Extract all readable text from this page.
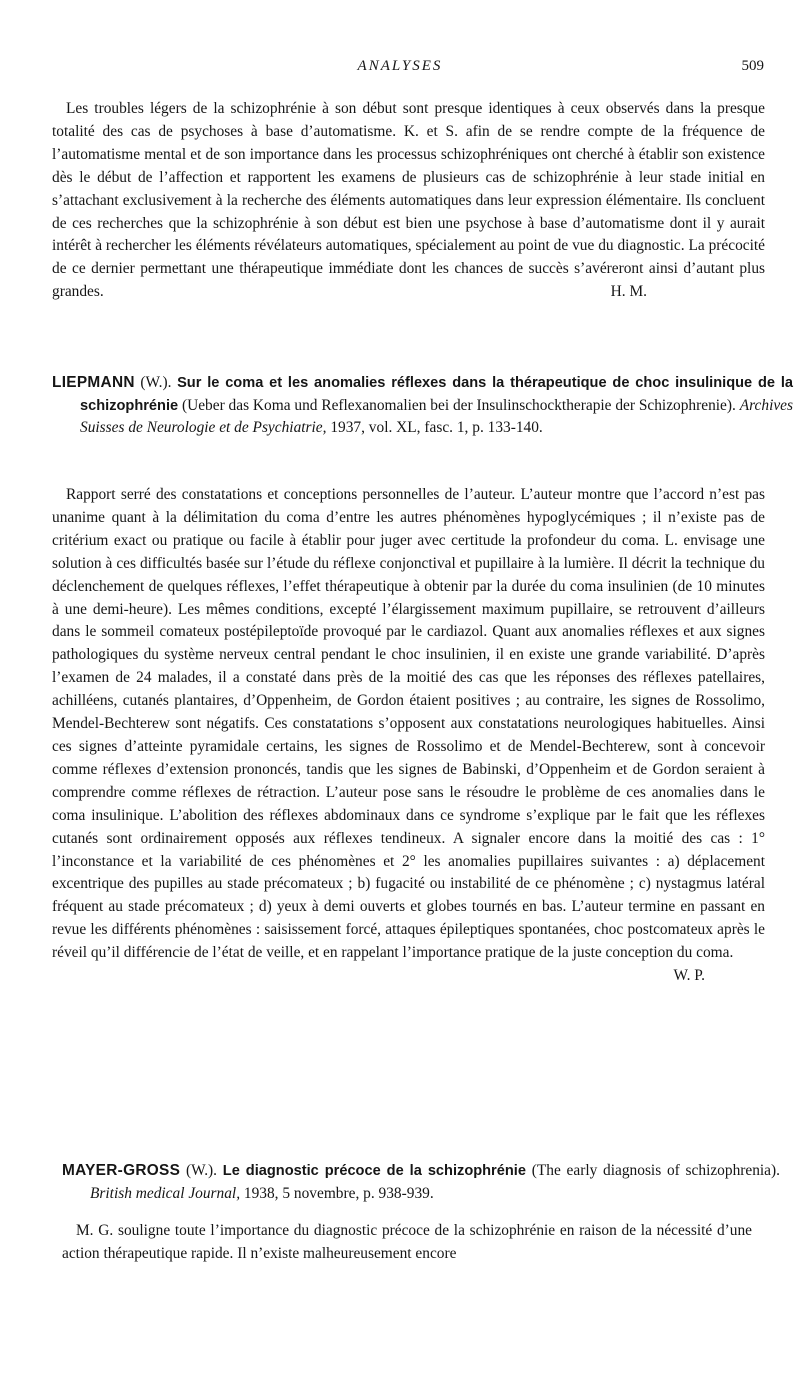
ANALYSES	509

Les troubles légers de la schizophrénie à son début sont presque identiques à ceux observés dans la presque totalité des cas de psychoses à base d’automatisme. K. et S. afin de se rendre compte de la fréquence de l’automatisme mental et de son importance dans les processus schizophréniques ont cherché à établir son existence dès le début de l’affection et rapportent les examens de plusieurs cas de schizophrénie à leur stade initial en s’attachant exclusivement à la recherche des éléments automatiques dans leur expression élémentaire. Ils concluent de ces recherches que la schizophrénie à son début est bien une psychose à base d’automatisme dont il y aurait intérêt à rechercher les éléments révélateurs automatiques, spécialement au point de vue du diagnostic. La précocité de ce dernier permettant une thérapeutique immédiate dont les chances de succès s’avéreront ainsi d’autant plus grandes.	H. M.

LIEPMANN (W.). Sur le coma et les anomalies réflexes dans la thérapeutique de choc insulinique de la schizophrénie (Ueber das Koma und Reflexanomalien bei der Insulinschocktherapie der Schizophrenie). Archives Suisses de Neurologie et de Psychiatrie, 1937, vol. XL, fasc. 1, p. 133-140.

Rapport serré des constatations et conceptions personnelles de l’auteur. L’auteur montre que l’accord n’est pas unanime quant à la délimitation du coma d’entre les autres phénomènes hypoglycémiques ; il n’existe pas de critérium exact ou pratique ou facile à établir pour juger avec certitude la profondeur du coma. L. envisage une solution à ces difficultés basée sur l’étude du réflexe conjonctival et pupillaire à la lumière. Il décrit la technique du déclenchement de quelques réflexes, l’effet thérapeutique à obtenir par la durée du coma insulinien (de 10 minutes à une demi-heure). Les mêmes conditions, excepté l’élargissement maximum pupillaire, se retrouvent d’ailleurs dans le sommeil comateux postépileptoïde provoqué par le cardiazol. Quant aux anomalies réflexes et aux signes pathologiques du système nerveux central pendant le choc insulinien, il en existe une grande variabilité. D’après l’examen de 24 malades, il a constaté dans près de la moitié des cas que les réponses des réflexes patellaires, achilléens, cutanés plantaires, d’Oppenheim, de Gordon étaient positives ; au contraire, les signes de Rossolimo, Mendel-Bechterew sont négatifs. Ces constatations s’opposent aux constatations neurologiques habituelles. Ainsi ces signes d’atteinte pyramidale certains, les signes de Rossolimo et de Mendel-Bechterew, sont à concevoir comme réflexes d’extension prononcés, tandis que les signes de Babinski, d’Oppenheim et de Gordon seraient à comprendre comme réflexes de rétraction. L’auteur pose sans le résoudre le problème de ces anomalies dans le coma insulinique. L’abolition des réflexes abdominaux dans ce syndrome s’explique par le fait que les réflexes cutanés sont ordinairement opposés aux réflexes tendineux. A signaler encore dans la moitié des cas : 1° l’inconstance et la variabilité de ces phénomènes et 2° les anomalies pupillaires suivantes : a) déplacement excentrique des pupilles au stade précomateux ; b) fugacité ou instabilité de ce phénomène ; c) nystagmus latéral fréquent au stade précomateux ; d) yeux à demi ouverts et globes tournés en bas. L’auteur termine en passant en revue les différents phénomènes : saisissement forcé, attaques épileptiques spontanées, choc postcomateux après le réveil qu’il différencie de l’état de veille, et en rappelant l’importance pratique de la juste conception du coma.
W. P.

MAYER-GROSS (W.). Le diagnostic précoce de la schizophrénie (The early diagnosis of schizophrenia). British medical Journal, 1938, 5 novembre, p. 938-939.

M. G. souligne toute l’importance du diagnostic précoce de la schizophrénie en raison de la nécessité d’une action thérapeutique rapide. Il n’existe malheureusement encore
